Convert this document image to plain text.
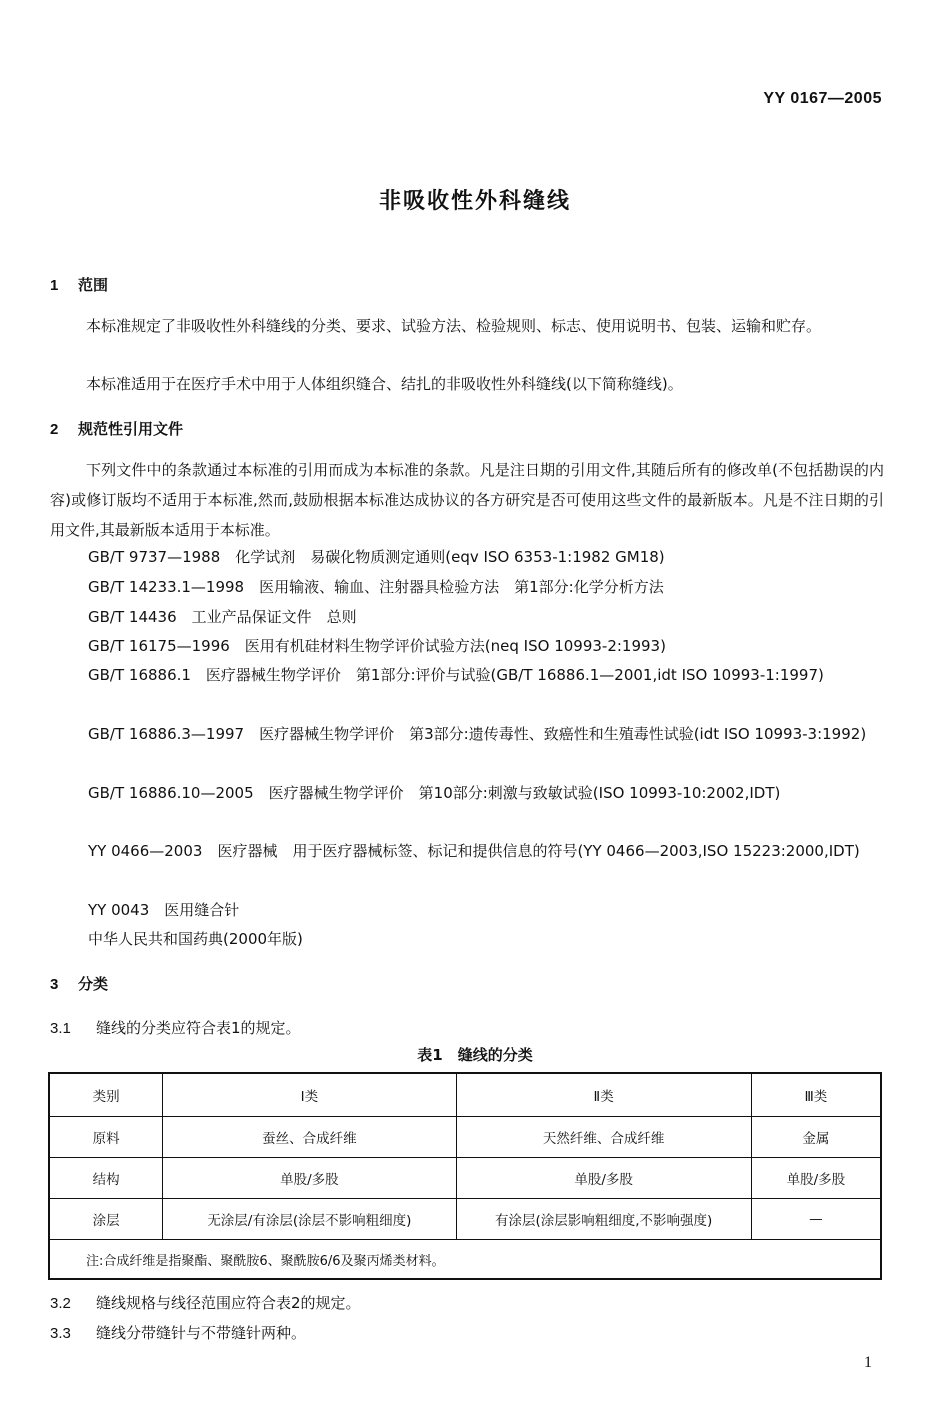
YY 0167—2005
非吸收性外科缝线
1 范围

本标准规定了非吸收性外科缝线的分类、要求、试验方法、检验规则、标志、使用说明书、包装、运输和贮存。

本标准适用于在医疗手术中用于人体组织缝合、结扎的非吸收性外科缝线(以下简称缝线)。

2 规范性引用文件

下列文件中的条款通过本标准的引用而成为本标准的条款。凡是注日期的引用文件,其随后所有的修改单(不包括勘误的内容)或修订版均不适用于本标准,然而,鼓励根据本标准达成协议的各方研究是否可使用这些文件的最新版本。凡是不注日期的引用文件,其最新版本适用于本标准。

GB/T 9737—1988　化学试剂　易碳化物质测定通则(eqv ISO 6353-1:1982 GM18)

GB/T 14233.1—1998　医用输液、输血、注射器具检验方法　第1部分:化学分析方法

GB/T 14436　工业产品保证文件　总则

GB/T 16175—1996　医用有机硅材料生物学评价试验方法(neq ISO 10993-2:1993)

GB/T 16886.1　医疗器械生物学评价　第1部分:评价与试验(GB/T 16886.1—2001,idt ISO 10993-1:1997)

GB/T 16886.3—1997　医疗器械生物学评价　第3部分:遗传毒性、致癌性和生殖毒性试验(idt ISO 10993-3:1992)

GB/T 16886.10—2005　医疗器械生物学评价　第10部分:刺激与致敏试验(ISO 10993-10:2002,IDT)

YY 0466—2003　医疗器械　用于医疗器械标签、标记和提供信息的符号(YY 0466—2003,ISO 15223:2000,IDT)

YY 0043　医用缝合针

中华人民共和国药典(2000年版)

3 分类
3.1 缝线的分类应符合表1的规定。
表1　缝线的分类
类别	Ⅰ类	Ⅱ类	Ⅲ类
原料	蚕丝、合成纤维	天然纤维、合成纤维	金属
结构	单股/多股	单股/多股	单股/多股
涂层	无涂层/有涂层(涂层不影响粗细度)	有涂层(涂层影响粗细度,不影响强度)	—
注:合成纤维是指聚酯、聚酰胺6、聚酰胺6/6及聚丙烯类材料。			
3.2 缝线规格与线径范围应符合表2的规定。
3.3 缝线分带缝针与不带缝针两种。
1
